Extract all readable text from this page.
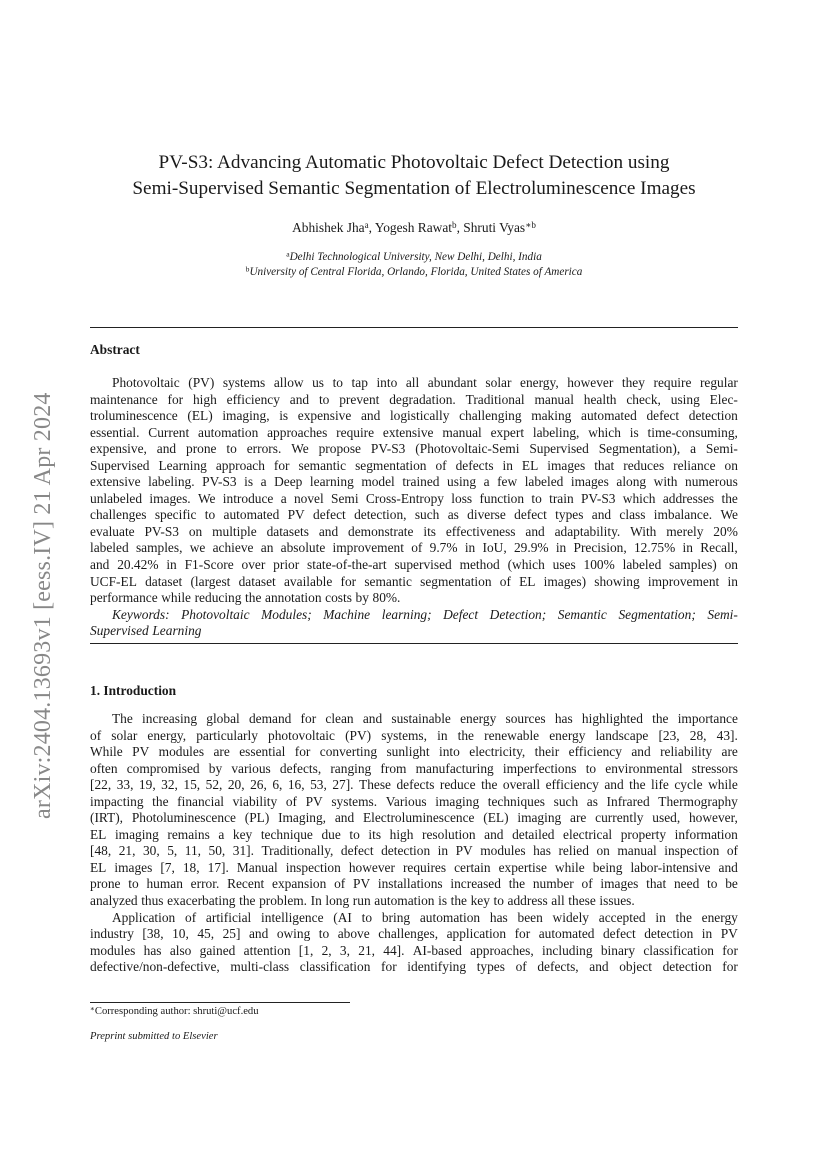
arXiv:2404.13693v1 [eess.IV] 21 Apr 2024
PV-S3: Advancing Automatic Photovoltaic Defect Detection using
Semi-Supervised Semantic Segmentation of Electroluminescence Images
Abhishek Jha$^a$, Yogesh Rawat$^b$, Shruti Vyas$^{∗b}$
$^a$Delhi Technological University, New Delhi, Delhi, India
$^b$University of Central Florida, Orlando, Florida, United States of America
Abstract
Photovoltaic (PV) systems allow us to tap into all abundant solar energy, however they require regular
maintenance for high efficiency and to prevent degradation. Traditional manual health check, using Elec-
troluminescence (EL) imaging, is expensive and logistically challenging making automated defect detection
essential. Current automation approaches require extensive manual expert labeling, which is time-consuming,
expensive, and prone to errors. We propose PV-S3 (Photovoltaic-Semi Supervised Segmentation), a Semi-
Supervised Learning approach for semantic segmentation of defects in EL images that reduces reliance on
extensive labeling. PV-S3 is a Deep learning model trained using a few labeled images along with numerous
unlabeled images. We introduce a novel Semi Cross-Entropy loss function to train PV-S3 which addresses the
challenges specific to automated PV defect detection, such as diverse defect types and class imbalance. We
evaluate PV-S3 on multiple datasets and demonstrate its effectiveness and adaptability. With merely 20%
labeled samples, we achieve an absolute improvement of 9.7% in IoU, 29.9% in Precision, 12.75% in Recall,
and 20.42% in F1-Score over prior state-of-the-art supervised method (which uses 100% labeled samples) on
UCF-EL dataset (largest dataset available for semantic segmentation of EL images) showing improvement in
performance while reducing the annotation costs by 80%.
Keywords: Photovoltaic Modules; Machine learning; Defect Detection; Semantic Segmentation; Semi-
Supervised Learning
1. Introduction
The increasing global demand for clean and sustainable energy sources has highlighted the importance
of solar energy, particularly photovoltaic (PV) systems, in the renewable energy landscape [23, 28, 43].
While PV modules are essential for converting sunlight into electricity, their efficiency and reliability are
often compromised by various defects, ranging from manufacturing imperfections to environmental stressors
[22, 33, 19, 32, 15, 52, 20, 26, 6, 16, 53, 27]. These defects reduce the overall efficiency and the life cycle while
impacting the financial viability of PV systems. Various imaging techniques such as Infrared Thermography
(IRT), Photoluminescence (PL) Imaging, and Electroluminescence (EL) imaging are currently used, however,
EL imaging remains a key technique due to its high resolution and detailed electrical property information
[48, 21, 30, 5, 11, 50, 31]. Traditionally, defect detection in PV modules has relied on manual inspection of
EL images [7, 18, 17]. Manual inspection however requires certain expertise while being labor-intensive and
prone to human error. Recent expansion of PV installations increased the number of images that need to be
analyzed thus exacerbating the problem. In long run automation is the key to address all these issues.
Application of artificial intelligence (AI to bring automation has been widely accepted in the energy
industry [38, 10, 45, 25] and owing to above challenges, application for automated defect detection in PV
modules has also gained attention [1, 2, 3, 21, 44]. AI-based approaches, including binary classification for
defective/non-defective, multi-class classification for identifying types of defects, and object detection for
∗Corresponding author: shruti@ucf.edu
Preprint submitted to Elsevier
